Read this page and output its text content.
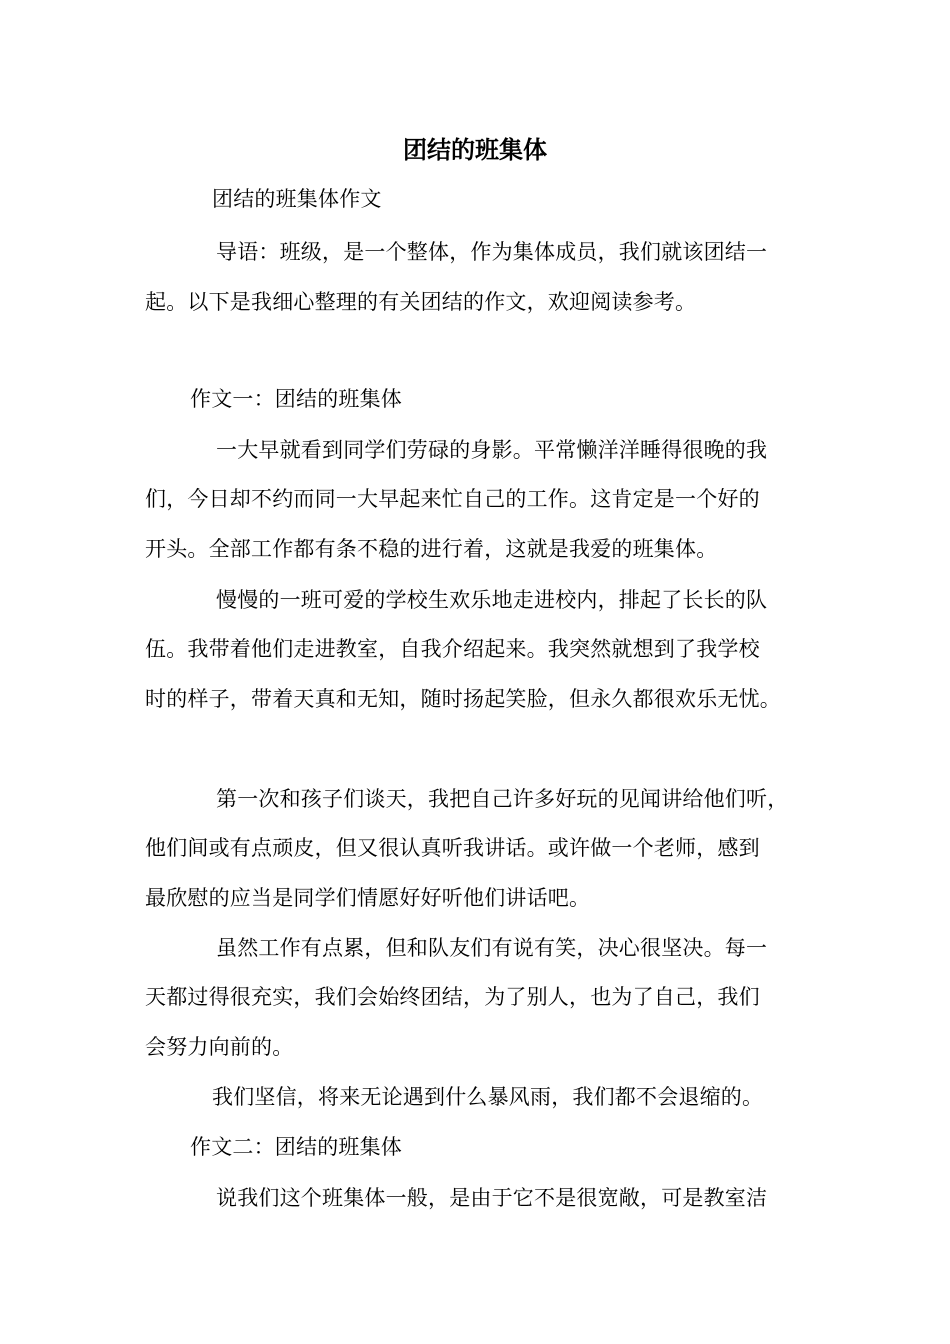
团结的班集体
团结的班集体作文
导语：班级，是一个整体，作为集体成员，我们就该团结一
起。以下是我细心整理的有关团结的作文，欢迎阅读参考。
作文一：团结的班集体
一大早就看到同学们劳碌的身影。平常懒洋洋睡得很晚的我
们，今日却不约而同一大早起来忙自己的工作。这肯定是一个好的
开头。全部工作都有条不稳的进行着，这就是我爱的班集体。
慢慢的一班可爱的学校生欢乐地走进校内，排起了长长的队
伍。我带着他们走进教室，自我介绍起来。我突然就想到了我学校
时的样子，带着天真和无知，随时扬起笑脸，但永久都很欢乐无忧。
第一次和孩子们谈天，我把自己许多好玩的见闻讲给他们听，
他们间或有点顽皮，但又很认真听我讲话。或许做一个老师，感到
最欣慰的应当是同学们情愿好好听他们讲话吧。
虽然工作有点累，但和队友们有说有笑，决心很坚决。每一
天都过得很充实，我们会始终团结，为了别人，也为了自己，我们
会努力向前的。
我们坚信，将来无论遇到什么暴风雨，我们都不会退缩的。
作文二：团结的班集体
说我们这个班集体一般，是由于它不是很宽敞，可是教室洁
